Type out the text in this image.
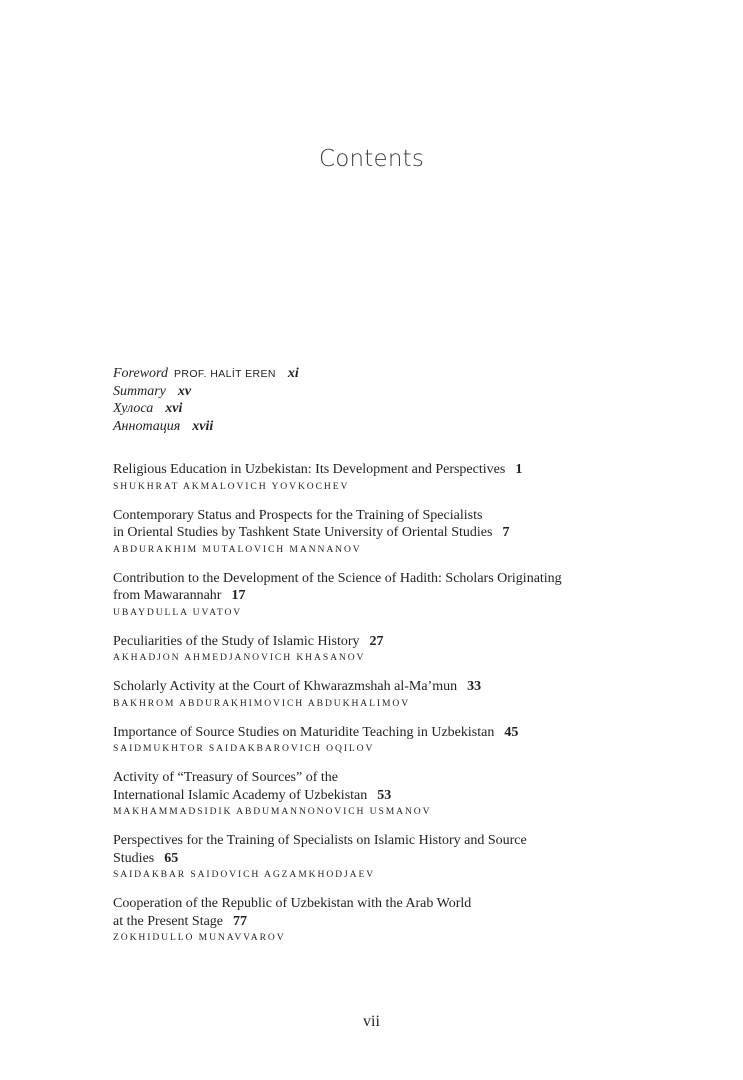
Contents
Foreword PROF. HALİT EREN xi
Summary xv
Хулоса xvi
Аннотация xvii
Religious Education in Uzbekistan: Its Development and Perspectives 1
SHUKHRAT AKMALOVICH YOVKOCHEV
Contemporary Status and Prospects for the Training of Specialists
in Oriental Studies by Tashkent State University of Oriental Studies 7
ABDURAKHIM MUTALOVICH MANNANOV
Contribution to the Development of the Science of Hadith: Scholars Originating
from Mawarannahr 17
UBAYDULLA UVATOV
Peculiarities of the Study of Islamic History 27
AKHADJON AHMEDJANOVICH KHASANOV
Scholarly Activity at the Court of Khwarazmshah al-Ma’mun 33
BAKHROM ABDURAKHIMOVICH ABDUKHALIMOV
Importance of Source Studies on Maturidite Teaching in Uzbekistan 45
SAIDMUKHTOR SAIDAKBAROVICH OQILOV
Activity of “Treasury of Sources” of the
International Islamic Academy of Uzbekistan 53
MAKHAMMADSIDIK ABDUMANNONOVICH USMANOV
Perspectives for the Training of Specialists on Islamic History and Source
Studies 65
SAIDAKBAR SAIDOVICH AGZAMKHODJAEV
Cooperation of the Republic of Uzbekistan with the Arab World
at the Present Stage 77
ZOKHIDULLO MUNAVVAROV
vii
